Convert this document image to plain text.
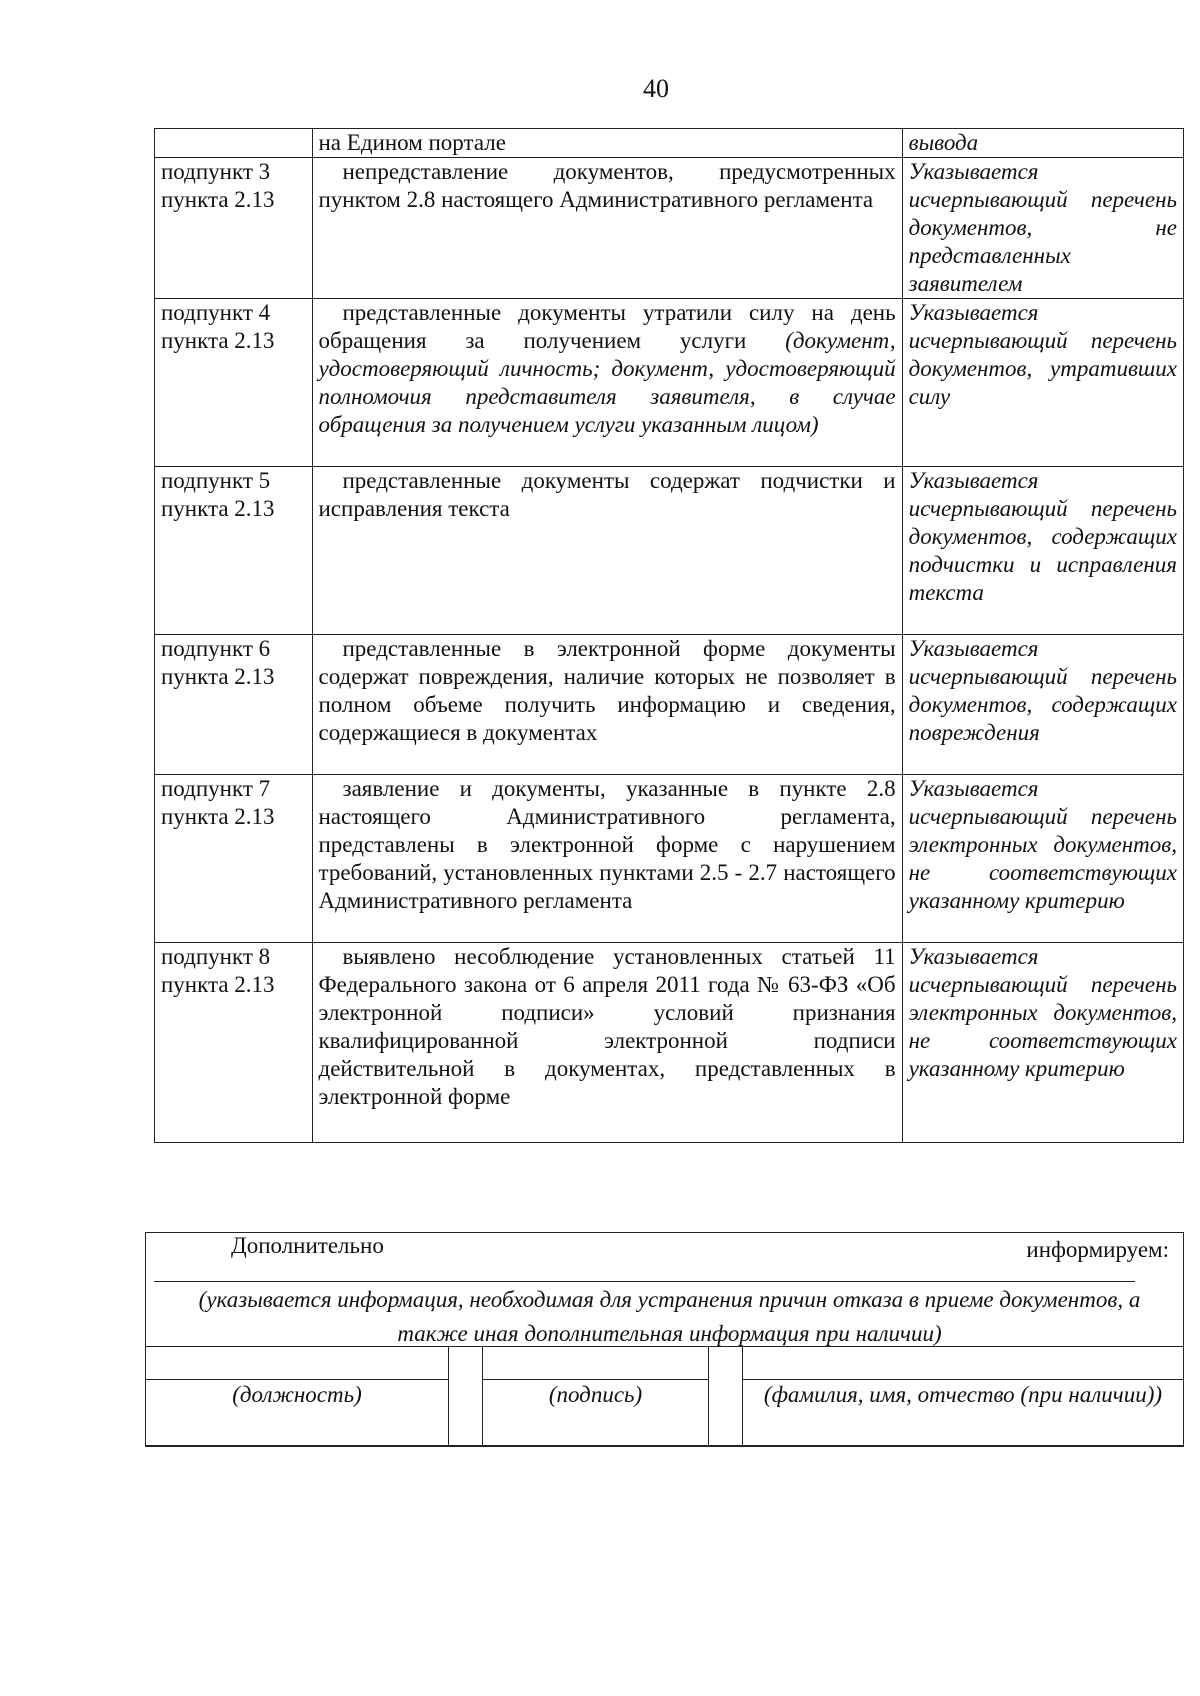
40
	на Едином портале	вывода
подпункт 3 пункта 2.13	непредставление документов, предусмотренных пунктом 2.8 настоящего Административного регламента	Указывается исчерпывающий перечень документов, не представленных заявителем
подпункт 4 пункта 2.13	представленные документы утратили силу на день обращения за получением услуги (документ, удостоверяющий личность; документ, удостоверяющий полномочия представителя заявителя, в случае обращения за получением услуги указанным лицом)	Указывается исчерпывающий перечень документов, утративших силу
подпункт 5 пункта 2.13	представленные документы содержат подчистки и исправления текста	Указывается исчерпывающий перечень документов, содержащих подчистки и исправления текста
подпункт 6 пункта 2.13	представленные в электронной форме документы содержат повреждения, наличие которых не позволяет в полном объеме получить информацию и сведения, содержащиеся в документах	Указывается исчерпывающий перечень документов, содержащих повреждения
подпункт 7 пункта 2.13	заявление и документы, указанные в пункте 2.8 настоящего Административного регламента, представлены в электронной форме с нарушением требований, установленных пунктами 2.5 - 2.7 настоящего Административного регламента	Указывается исчерпывающий перечень электронных документов, не соответствующих указанному критерию
подпункт 8 пункта 2.13	выявлено несоблюдение установленных статьей 11 Федерального закона от 6 апреля 2011 года № 63-ФЗ «Об электронной подписи» условий признания квалифицированной электронной подписи действительной в документах, представленных в электронной форме	Указывается исчерпывающий перечень электронных документов, не соответствующих указанному критерию
Дополнительно	информируем:
(указывается информация, необходимая для устранения причин отказа в приеме документов, а также иная дополнительная информация при наличии)

(должность)		(подпись)		(фамилия, имя, отчество (при наличии))
